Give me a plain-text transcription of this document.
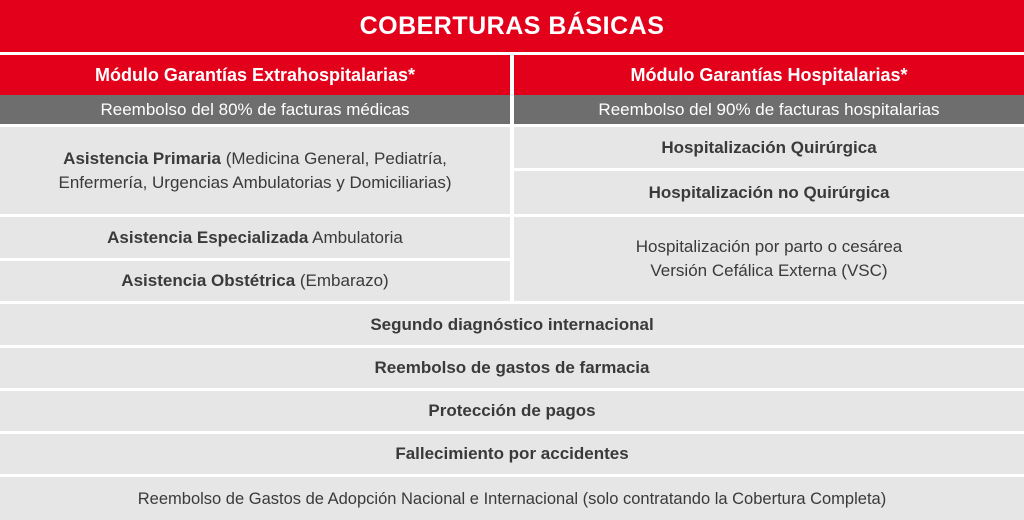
COBERTURAS BÁSICAS
Módulo Garantías Extrahospitalarias*	Módulo Garantías Hospitalarias*
Reembolso del 80% de facturas médicas	Reembolso del 90% de facturas hospitalarias
Asistencia Primaria (Medicina General, Pediatría,
Enfermería, Urgencias Ambulatorias y Domiciliarias)
Asistencia Especializada Ambulatoria
Asistencia Obstétrica (Embarazo)
Hospitalización Quirúrgica
Hospitalización no Quirúrgica
Hospitalización por parto o cesárea
Versión Cefálica Externa (VSC)
Segundo diagnóstico internacional
Reembolso de gastos de farmacia
Protección de pagos
Fallecimiento por accidentes
Reembolso de Gastos de Adopción Nacional e Internacional (solo contratando la Cobertura Completa)
